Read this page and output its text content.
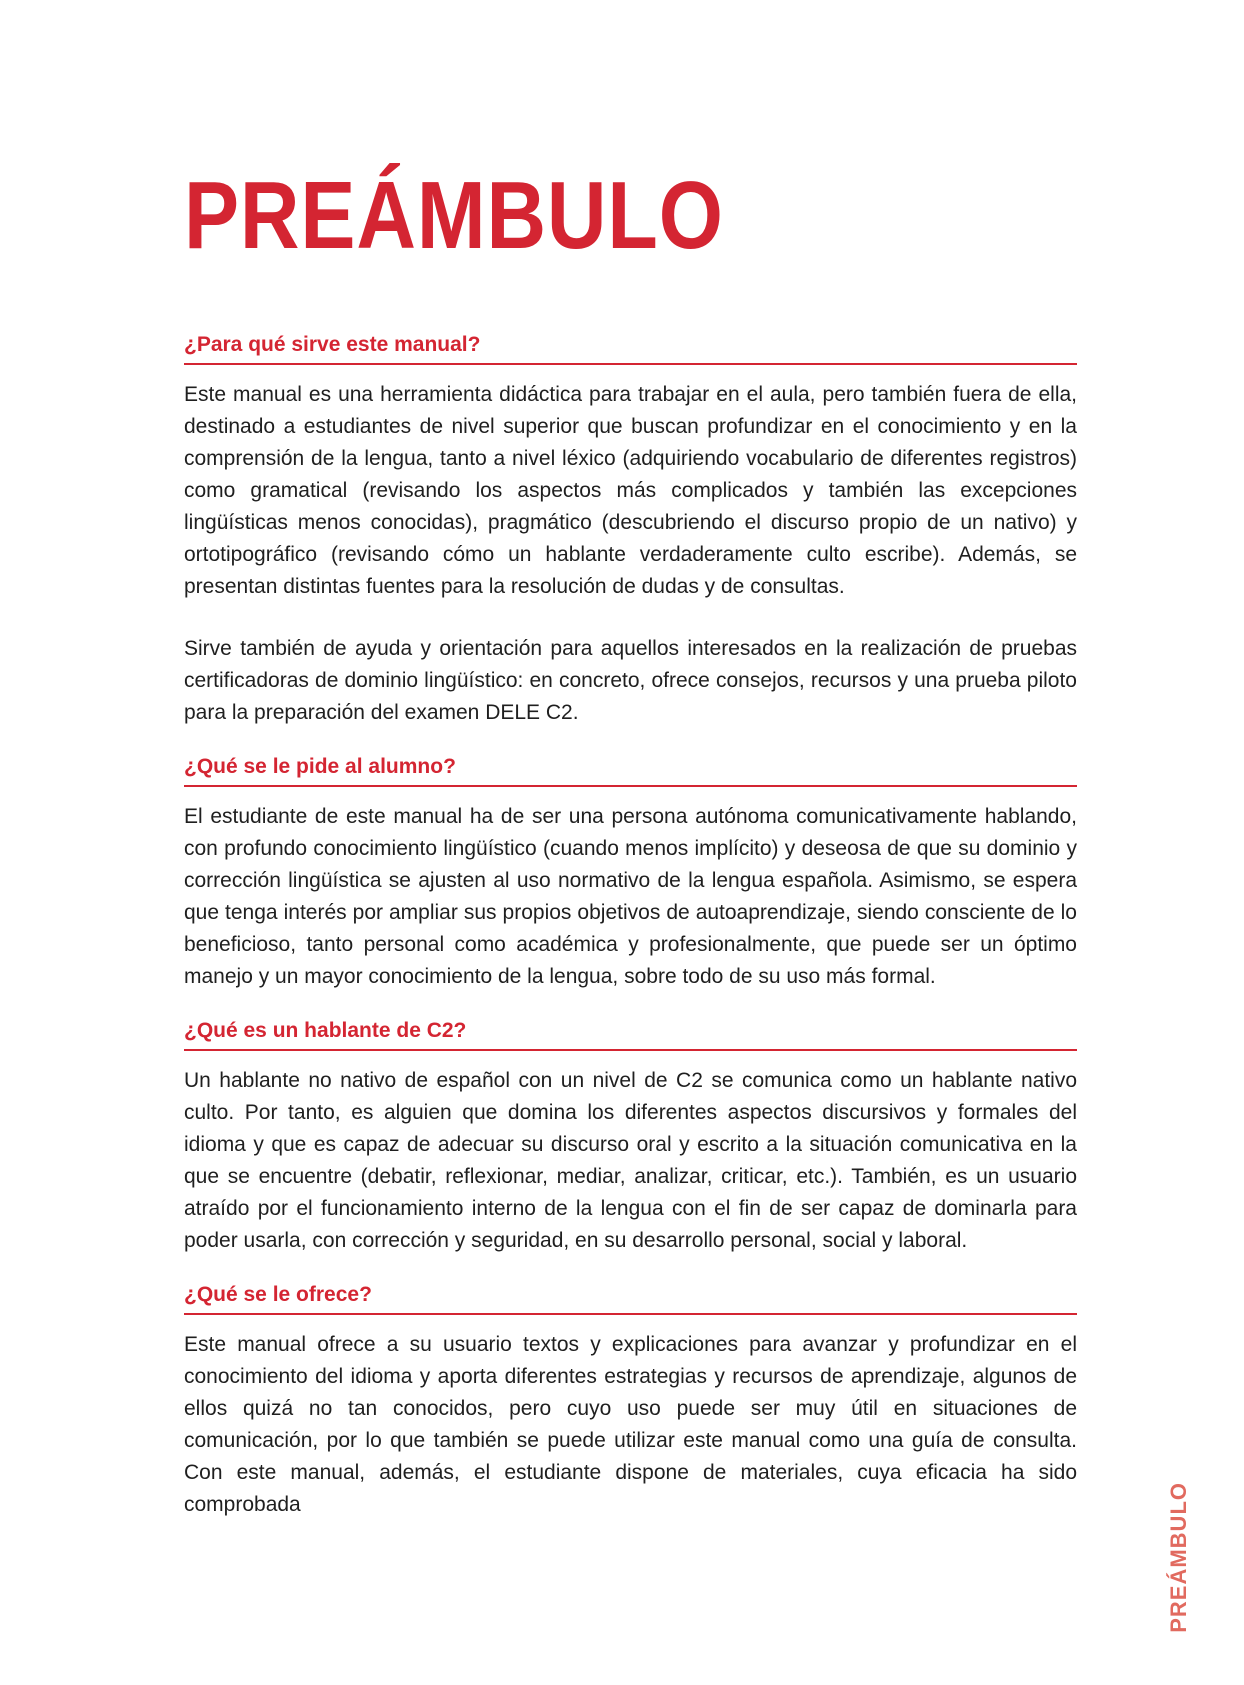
PREÁMBULO
¿Para qué sirve este manual?

Este manual es una herramienta didáctica para trabajar en el aula, pero también fuera de ella, destinado a estudiantes de nivel superior que buscan profundizar en el conocimiento y en la comprensión de la lengua, tanto a nivel léxico (adquiriendo vocabulario de diferentes registros) como gramatical (revisando los aspectos más complicados y también las excepciones lingüísticas menos conocidas), pragmático (descubriendo el discurso propio de un nativo) y ortotipográfico (revisando cómo un hablante verdaderamente culto escribe). Además, se presentan distintas fuentes para la resolución de dudas y de consultas.

Sirve también de ayuda y orientación para aquellos interesados en la realización de pruebas certificadoras de dominio lingüístico: en concreto, ofrece consejos, recursos y una prueba piloto para la preparación del examen DELE C2.

¿Qué se le pide al alumno?

El estudiante de este manual ha de ser una persona autónoma comunicativamente hablando, con profundo conocimiento lingüístico (cuando menos implícito) y deseosa de que su dominio y corrección lingüística se ajusten al uso normativo de la lengua española. Asimismo, se espera que tenga interés por ampliar sus propios objetivos de autoaprendizaje, siendo consciente de lo beneficioso, tanto personal como académica y profesionalmente, que puede ser un óptimo manejo y un mayor conocimiento de la lengua, sobre todo de su uso más formal.

¿Qué es un hablante de C2?

Un hablante no nativo de español con un nivel de C2 se comunica como un hablante nativo culto. Por tanto, es alguien que domina los diferentes aspectos discursivos y formales del idioma y que es capaz de adecuar su discurso oral y escrito a la situación comunicativa en la que se encuentre (debatir, reflexionar, mediar, analizar, criticar, etc.). También, es un usuario atraído por el funcionamiento interno de la lengua con el fin de ser capaz de dominarla para poder usarla, con corrección y seguridad, en su desarrollo personal, social y laboral.

¿Qué se le ofrece?

Este manual ofrece a su usuario textos y explicaciones para avanzar y profundizar en el conocimiento del idioma y aporta diferentes estrategias y recursos de aprendizaje, algunos de ellos quizá no tan conocidos, pero cuyo uso puede ser muy útil en situaciones de comunicación, por lo que también se puede utilizar este manual como una guía de consulta. Con este manual, además, el estudiante dispone de materiales, cuya eficacia ha sido comprobada	PREÁMBULO
